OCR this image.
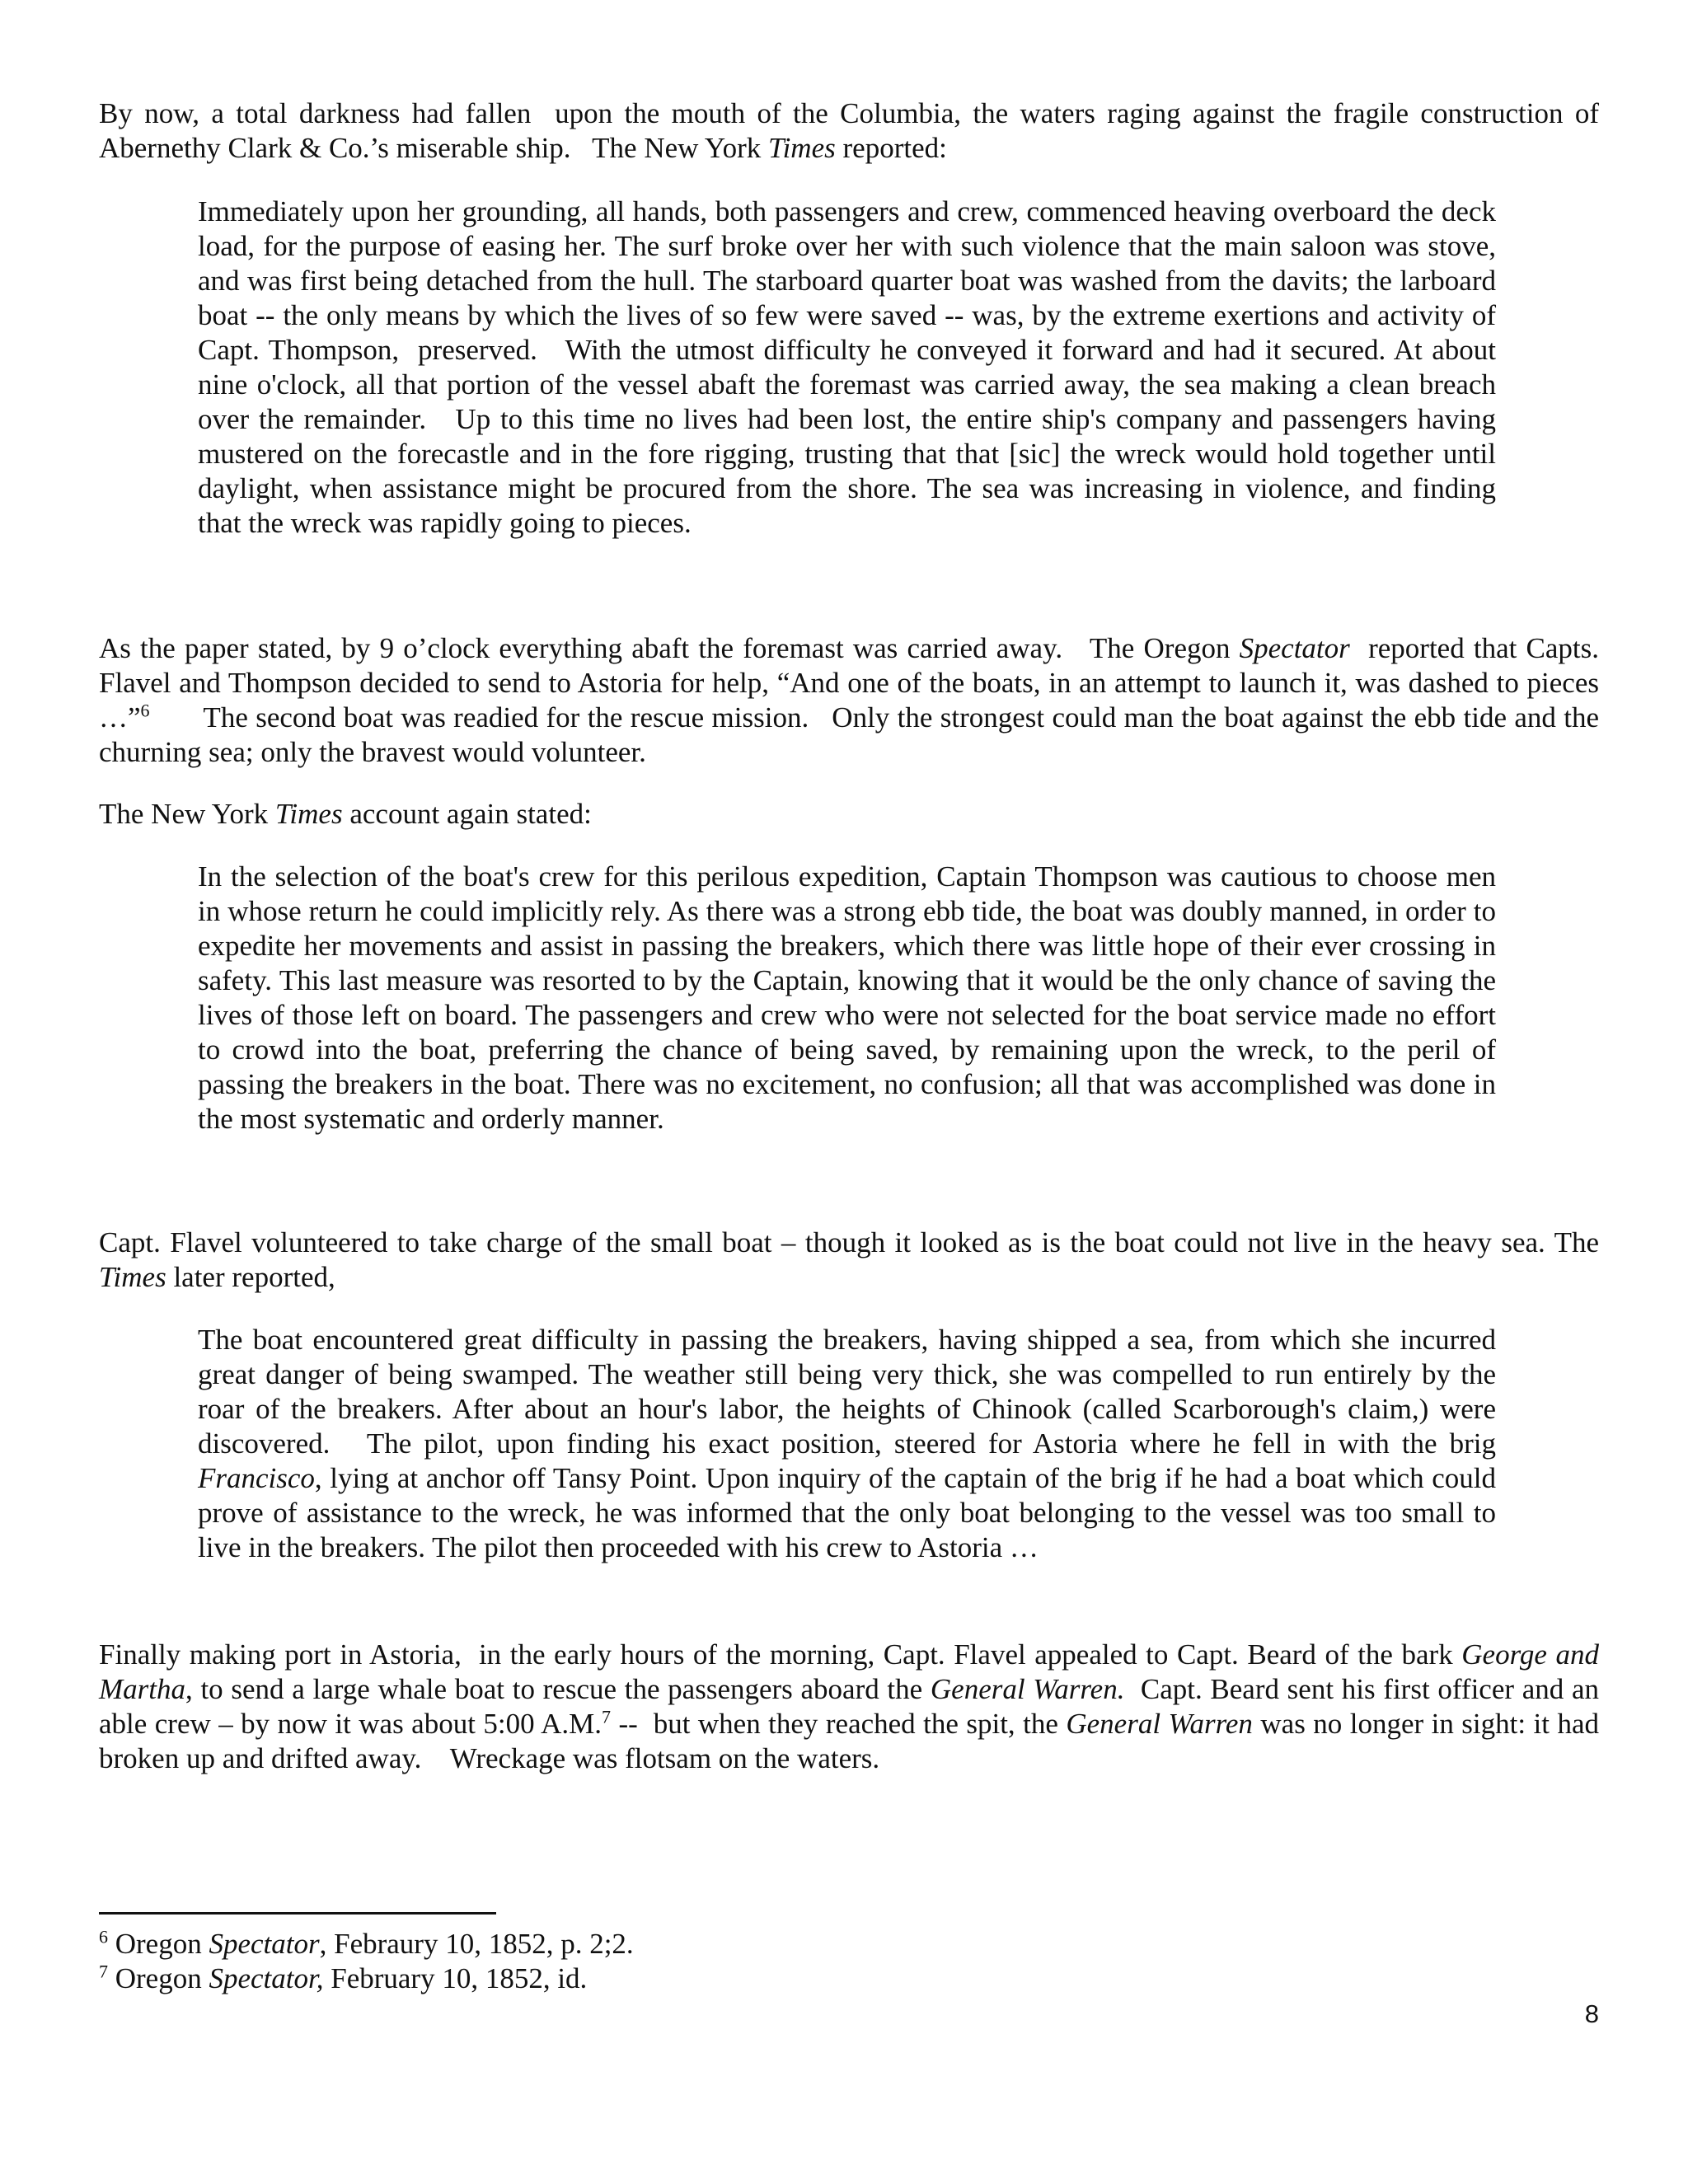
By now, a total darkness had fallen  upon the mouth of the Columbia, the waters raging against the fragile construction of Abernethy Clark & Co.’s miserable ship.   The New York Times reported:

Immediately upon her grounding, all hands, both passengers and crew, commenced heaving overboard the deck load, for the purpose of easing her. The surf broke over her with such violence that the main saloon was stove, and was first being detached from the hull. The starboard quarter boat was washed from the davits; the larboard boat -- the only means by which the lives of so few were saved -- was, by the extreme exertions and activity of Capt. Thompson,  preserved.   With the utmost difficulty he conveyed it forward and had it secured. At about nine o'clock, all that portion of the vessel abaft the foremast was carried away, the sea making a clean breach over the remainder.   Up to this time no lives had been lost, the entire ship's company and passengers having mustered on the forecastle and in the fore rigging, trusting that that [sic] the wreck would hold together until daylight, when assistance might be procured from the shore. The sea was increasing in violence, and finding that the wreck was rapidly going to pieces.

As the paper stated, by 9 o’clock everything abaft the foremast was carried away.   The Oregon Spectator  reported that Capts. Flavel and Thompson decided to send to Astoria for help, “And one of the boats, in an attempt to launch it, was dashed to pieces …”$^6$       The second boat was readied for the rescue mission.   Only the strongest could man the boat against the ebb tide and the churning sea; only the bravest would volunteer.

The New York Times account again stated:

In the selection of the boat's crew for this perilous expedition, Captain Thompson was cautious to choose men in whose return he could implicitly rely. As there was a strong ebb tide, the boat was doubly manned, in order to expedite her movements and assist in passing the breakers, which there was little hope of their ever crossing in safety. This last measure was resorted to by the Captain, knowing that it would be the only chance of saving the lives of those left on board. The passengers and crew who were not selected for the boat service made no effort to crowd into the boat, preferring the chance of being saved, by remaining upon the wreck, to the peril of passing the breakers in the boat. There was no excitement, no confusion; all that was accomplished was done in the most systematic and orderly manner.

Capt. Flavel volunteered to take charge of the small boat – though it looked as is the boat could not live in the heavy sea. The Times later reported,

The boat encountered great difficulty in passing the breakers, having shipped a sea, from which she incurred great danger of being swamped. The weather still being very thick, she was compelled to run entirely by the roar of the breakers. After about an hour's labor, the heights of Chinook (called Scarborough's claim,) were discovered.   The pilot, upon finding his exact position, steered for Astoria where he fell in with the brig Francisco, lying at anchor off Tansy Point. Upon inquiry of the captain of the brig if he had a boat which could prove of assistance to the wreck, he was informed that the only boat belonging to the vessel was too small to live in the breakers. The pilot then proceeded with his crew to Astoria …

Finally making port in Astoria,  in the early hours of the morning, Capt. Flavel appealed to Capt. Beard of the bark George and Martha, to send a large whale boat to rescue the passengers aboard the General Warren.  Capt. Beard sent his first officer and an able crew – by now it was about 5:00 A.M.$^7$ --  but when they reached the spit, the General Warren was no longer in sight: it had broken up and drifted away.    Wreckage was flotsam on the waters.

$^6$ Oregon Spectator, Febraury 10, 1852, p. 2;2.

$^7$ Oregon Spectator, February 10, 1852, id.

8
